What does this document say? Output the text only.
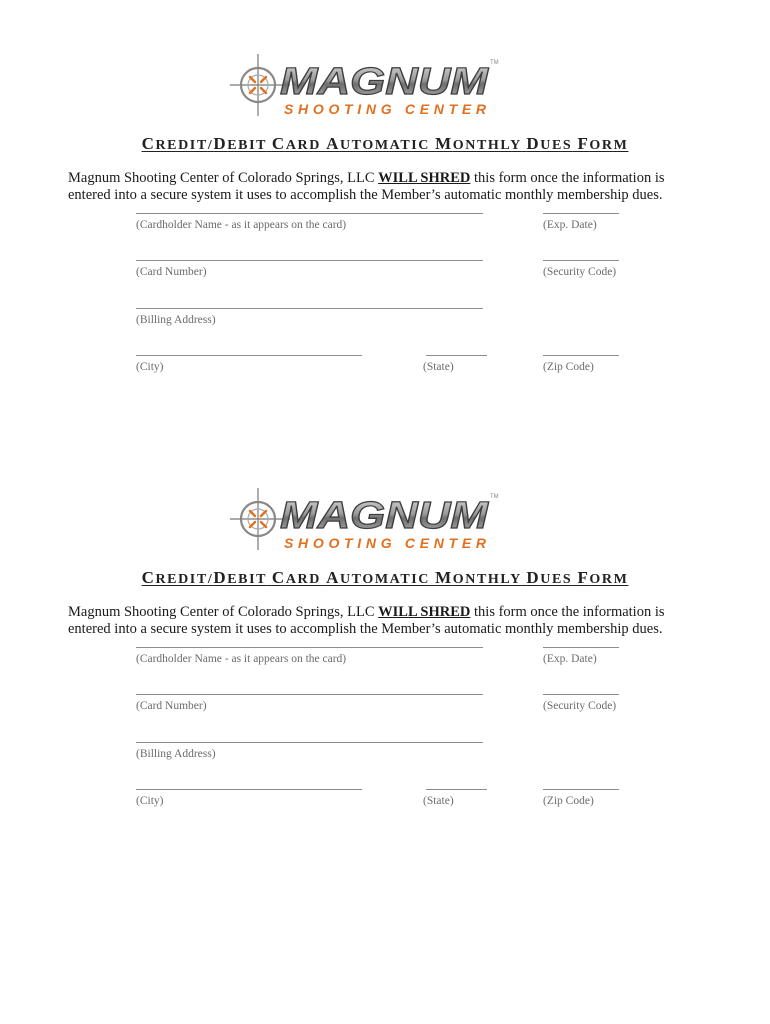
MAGNUM TM
SHOOTING CENTER
CREDIT/DEBIT CARD AUTOMATIC MONTHLY DUES FORM

Magnum Shooting Center of Colorado Springs, LLC WILL SHRED this form once the information is entered into a secure system it uses to accomplish the Member’s automatic monthly membership dues.

(Cardholder Name - as it appears on the card)	(Exp. Date)
(Card Number)	(Security Code)
(Billing Address)
(City)	(State)	(Zip Code)
MAGNUM TM
SHOOTING CENTER
CREDIT/DEBIT CARD AUTOMATIC MONTHLY DUES FORM

Magnum Shooting Center of Colorado Springs, LLC WILL SHRED this form once the information is entered into a secure system it uses to accomplish the Member’s automatic monthly membership dues.

(Cardholder Name - as it appears on the card)	(Exp. Date)
(Card Number)	(Security Code)
(Billing Address)
(City)	(State)	(Zip Code)
